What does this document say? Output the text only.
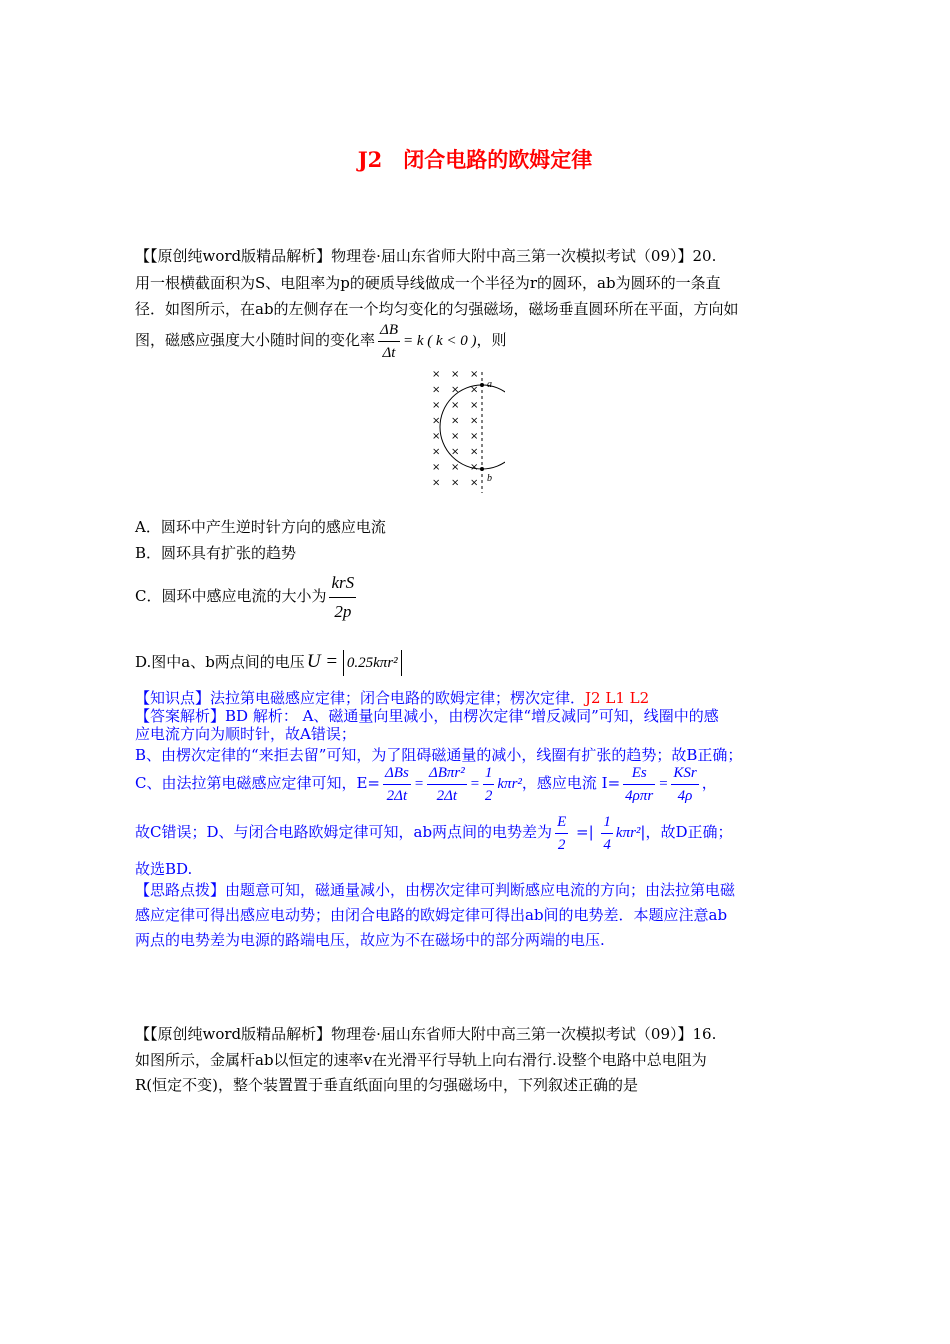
J2　闭合电路的欧姆定律
【【原创纯word版精品解析】物理卷·届山东省师大附中高三第一次模拟考试（09）】20.
用一根横截面积为S、电阻率为p的硬质导线做成一个半径为r的圆环，ab为圆环的一条直
径．如图所示，在ab的左侧存在一个均匀变化的匀强磁场，磁场垂直圆环所在平面，方向如
图，磁感应强度大小随时间的变化率 $\frac{\Delta B}{\Delta t} = k$ ( k < 0 )，则
× × ×
× × ×
× × ×
× × ×
× × ×
× × ×
× × ×
× × ×
a
b
A．圆环中产生逆时针方向的感应电流
B．圆环具有扩张的趋势
C．圆环中感应电流的大小为 $\frac{\text{krS}}{2p}$
D.图中a、b两点间的电压 U = 0.25kπr²
【知识点】法拉第电磁感应定律；闭合电路的欧姆定律；楞次定律．J2 L1 L2
【答案解析】BD 解析： A、磁通量向里减小，由楞次定律“增反减同”可知，线圈中的感
应电流方向为顺时针，故A错误；
B、由楞次定律的“来拒去留”可知，为了阻碍磁通量的减小，线圈有扩张的趋势；故B正确；
C、由法拉第电磁感应定律可知，$E= \frac{\text{ΔBs}}{2\Delta t} = \frac{\text{ΔBπr²}}{2\Delta t} = \frac{1}{2} k\pi r^2$，感应电流 $I= \frac{Es}{\text{4ρπr}} = \frac{\text{KSr}}{4\rho}$ ，
故C错误；D、与闭合电路欧姆定律可知，ab两点间的电势差为 $\frac{E}{2}$ =| $\frac{1}{4} k\pi r^2|$，故D正确；
故选BD.
【思路点拨】由题意可知，磁通量减小，由楞次定律可判断感应电流的方向；由法拉第电磁
感应定律可得出感应电动势；由闭合电路的欧姆定律可得出ab间的电势差．本题应注意ab
两点的电势差为电源的路端电压，故应为不在磁场中的部分两端的电压.
【【原创纯word版精品解析】物理卷·届山东省师大附中高三第一次模拟考试（09）】16.
如图所示，金属杆ab以恒定的速率v在光滑平行导轨上向右滑行.设整个电路中总电阻为
R(恒定不变)，整个装置置于垂直纸面向里的匀强磁场中，下列叙述正确的是
